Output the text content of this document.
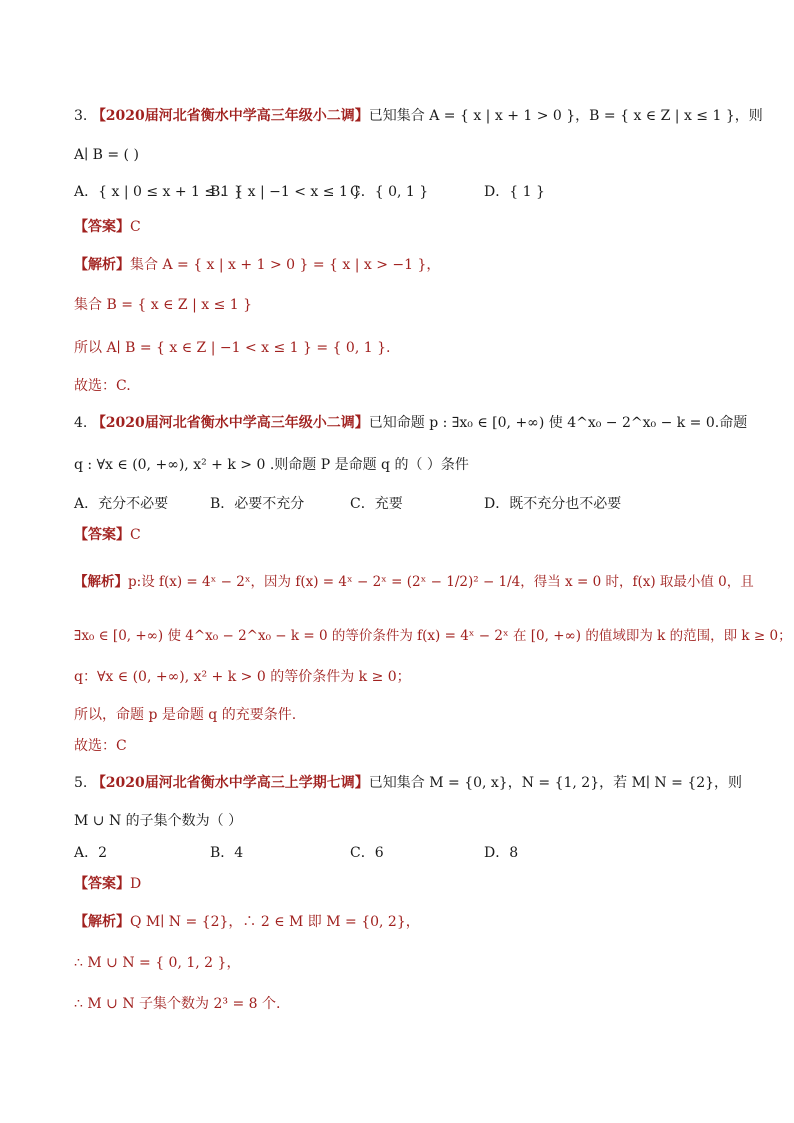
3. 【2020届河北省衡水中学高三年级小二调】已知集合 A = { x | x + 1 > 0 }，B = { x ∈ Z | x ≤ 1 }，则
A∣ B = ( )
A．{ x | 0 ≤ x + 1 ≤ 1 }
B．{ x | −1 < x ≤ 1 }
C．{ 0, 1 }	D．{ 1 }
【答案】C
【解析】集合 A = { x | x + 1 > 0 } = { x | x > −1 }，
集合 B = { x ∈ Z | x ≤ 1 }
所以 A∣ B = { x ∈ Z | −1 < x ≤ 1 } = { 0, 1 }.
故选：C.
4. 【2020届河北省衡水中学高三年级小二调】已知命题 p : ∃x₀ ∈ [0, +∞) 使 4^x₀ − 2^x₀ − k = 0.命题
q : ∀x ∈ (0, +∞), x² + k > 0 .则命题 P 是命题 q 的（ ）条件
A．充分不必要	B．必要不充分	C．充要	D．既不充分也不必要
【答案】C
【解析】p:设 f(x) = 4ˣ − 2ˣ，因为 f(x) = 4ˣ − 2ˣ = (2ˣ − 1/2)² − 1/4，得当 x = 0 时，f(x) 取最小值 0，且
∃x₀ ∈ [0, +∞) 使 4^x₀ − 2^x₀ − k = 0 的等价条件为 f(x) = 4ˣ − 2ˣ 在 [0, +∞) 的值域即为 k 的范围，即 k ≥ 0；
q：∀x ∈ (0, +∞), x² + k > 0 的等价条件为 k ≥ 0；
所以，命题 p 是命题 q 的充要条件.
故选：C
5. 【2020届河北省衡水中学高三上学期七调】已知集合 M = {0, x}，N = {1, 2}，若 M∣ N = {2}，则
M ∪ N 的子集个数为（ ）
A．2	B．4	C．6	D．8
【答案】D
【解析】Q M∣ N = {2}，∴ 2 ∈ M 即 M = {0, 2}，
∴ M ∪ N = { 0, 1, 2 }，
∴ M ∪ N 子集个数为 2³ = 8 个.
